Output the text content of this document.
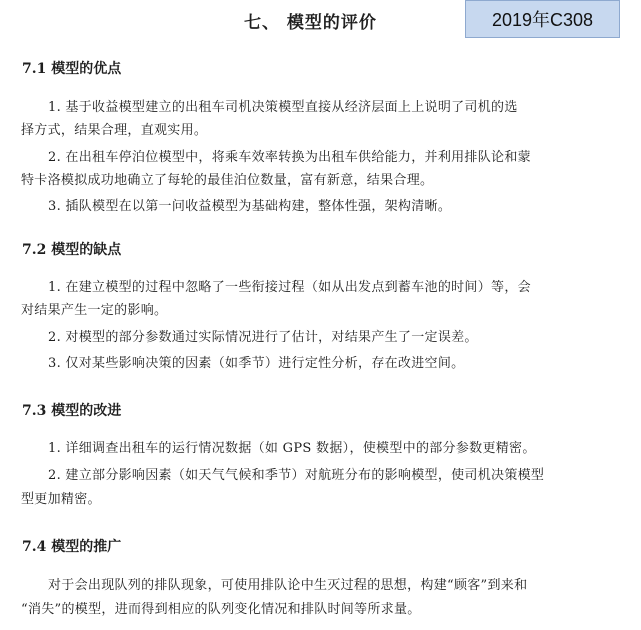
七、 模型的评价	2019年C308
7.1 模型的优点
1. 基于收益模型建立的出租车司机决策模型直接从经济层面上上说明了司机的选
择方式，结果合理，直观实用。
2. 在出租车停泊位模型中，将乘车效率转换为出租车供给能力，并利用排队论和蒙
特卡洛模拟成功地确立了每轮的最佳泊位数量，富有新意，结果合理。
3. 插队模型在以第一问收益模型为基础构建，整体性强，架构清晰。
7.2 模型的缺点
1. 在建立模型的过程中忽略了一些衔接过程（如从出发点到蓄车池的时间）等，会
对结果产生一定的影响。
2. 对模型的部分参数通过实际情况进行了估计，对结果产生了一定误差。
3. 仅对某些影响决策的因素（如季节）进行定性分析，存在改进空间。
7.3 模型的改进
1. 详细调查出租车的运行情况数据（如 GPS 数据），使模型中的部分参数更精密。
2. 建立部分影响因素（如天气气候和季节）对航班分布的影响模型，使司机决策模型
型更加精密。
7.4 模型的推广
对于会出现队列的排队现象，可使用排队论中生灭过程的思想，构建“顾客”到来和
“消失”的模型，进而得到相应的队列变化情况和排队时间等所求量。
